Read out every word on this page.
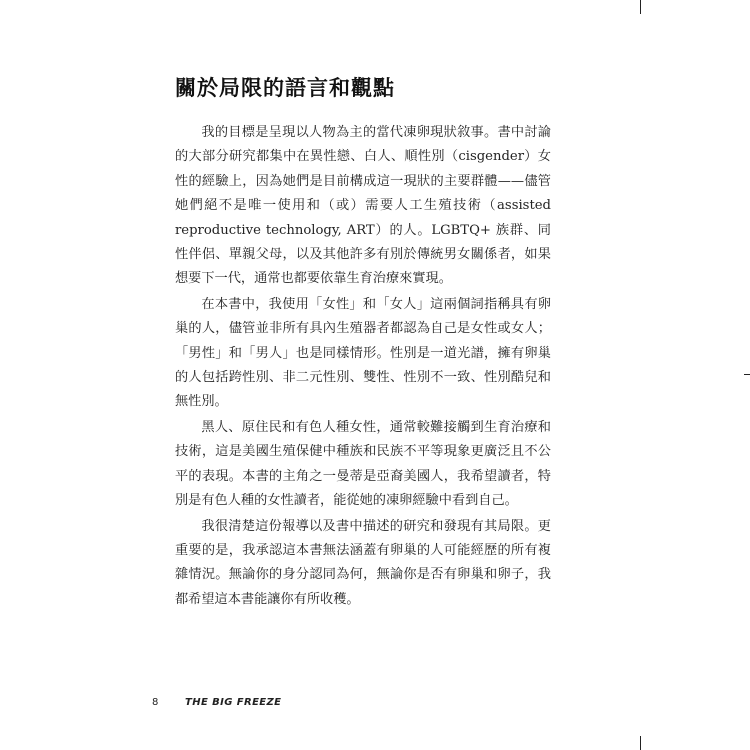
關於局限的語言和觀點

我的目標是呈現以人物為主的當代凍卵現狀敘事。書中討論的大部分研究都集中在異性戀、白人、順性別（cisgender）女性的經驗上，因為她們是目前構成這一現狀的主要群體——儘管她們絕不是唯一使用和（或）需要人工生殖技術（assisted reproductive technology, ART）的人。LGBTQ+ 族群、同性伴侶、單親父母，以及其他許多有別於傳統男女關係者，如果想要下一代，通常也都要依靠生育治療來實現。

在本書中，我使用「女性」和「女人」這兩個詞指稱具有卵巢的人，儘管並非所有具內生殖器者都認為自己是女性或女人；「男性」和「男人」也是同樣情形。性別是一道光譜，擁有卵巢的人包括跨性別、非二元性別、雙性、性別不一致、性別酷兒和無性別。

黑人、原住民和有色人種女性，通常較難接觸到生育治療和技術，這是美國生殖保健中種族和民族不平等現象更廣泛且不公平的表現。本書的主角之一曼蒂是亞裔美國人，我希望讀者，特別是有色人種的女性讀者，能從她的凍卵經驗中看到自己。

我很清楚這份報導以及書中描述的研究和發現有其局限。更重要的是，我承認這本書無法涵蓋有卵巢的人可能經歷的所有複雜情況。無論你的身分認同為何，無論你是否有卵巢和卵子，我都希望這本書能讓你有所收穫。

8	THE BIG FREEZE
